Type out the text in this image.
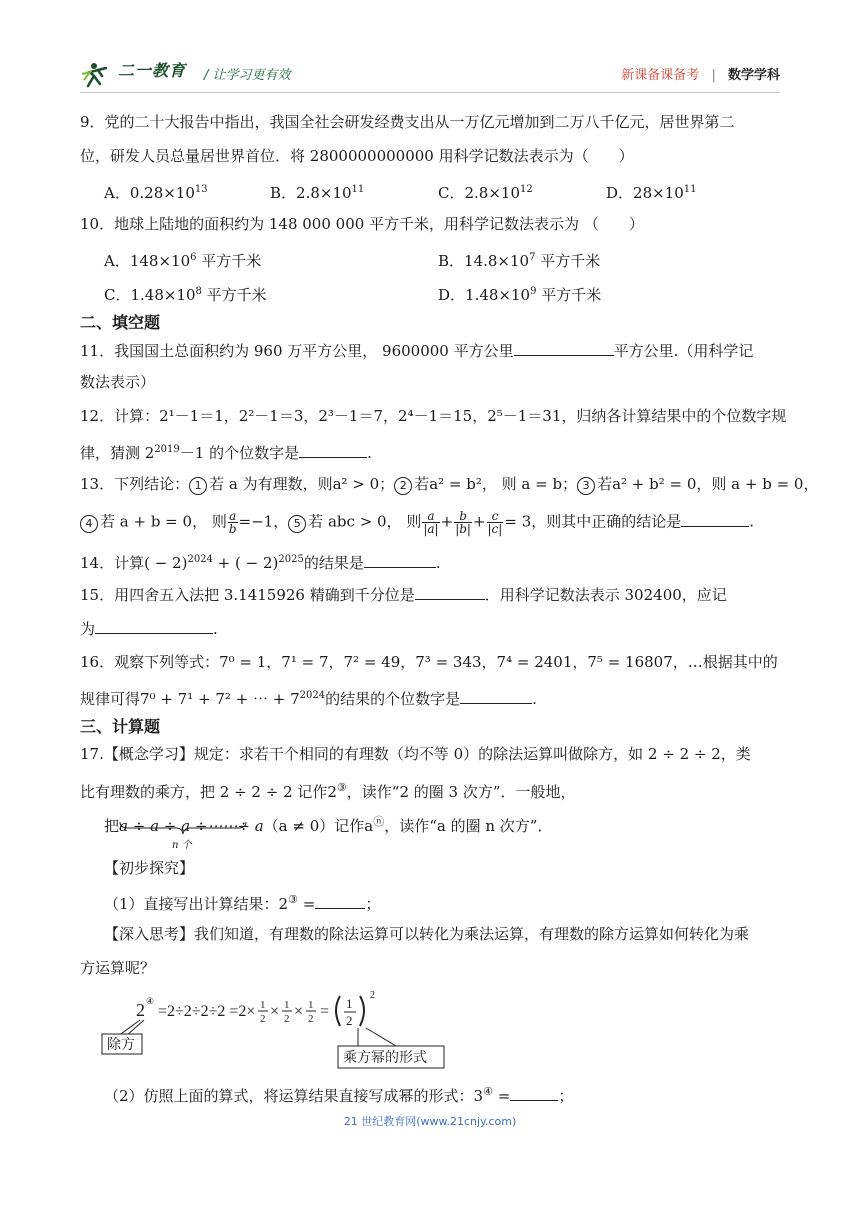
二一教育 / 让学习更有效	新课备课备考 | 数学学科
9．党的二十大报告中指出，我国全社会研发经费支出从一万亿元增加到二万八千亿元，居世界第二
位，研发人员总量居世界首位．将 2800000000000 用科学记数法表示为（　　）
A．$0.28\times 10^{13}$	B．$2.8\times 10^{11}$	C．$2.8\times 10^{12}$	D．$28\times 10^{11}$
10．地球上陆地的面积约为 148 000 000 平方千米，用科学记数法表示为 （　　）
A．$148\times 10^6$ 平方千米	B．$14.8\times 10^7$ 平方千米
C．$1.48\times 10^8$ 平方千米	D．$1.48\times 10^9$ 平方千米
二、填空题
11．我国国土总面积约为 960 万平方公里， 9600000 平方公里	平方公里.（用科学记
数法表示）
12．计算：2¹－1＝1，2²－1＝3，2³－1＝7，2⁴－1＝15，2⁵－1＝31，归纳各计算结果中的个位数字规
律，猜测 $2^{2019}-1$ 的个位数字是	.
13．下列结论： 1 若 a 为有理数，则a² > 0； 2 若a² = b²， 则 a = b； 3 若a² + b² = 0，则 a + b = 0，
4 若 a + b = 0， 则 $\frac{a}{b} =-1$， 5 若 abc > 0， 则 $\frac{a}{|a|} + \frac{b}{|b|} + \frac{c}{|c|} = 3$，则其中正确的结论是	.
14．计算( − 2)$^{2024}$ + ( − 2)$^{2025}$的结果是	.
15．用四舍五入法把 3.1415926 精确到千分位是	．用科学记数法表示 302400，应记
为	.
16．观察下列等式：7⁰ = 1，7¹ = 7，7² = 49，7³ = 343，7⁴ = 2401，7⁵ = 16807，…根据其中的
规律可得7⁰ + 7¹ + 7² + ⋯ + $7^{2024}$的结果的个位数字是	.
三、计算题
17.【概念学习】规定：求若干个相同的有理数（均不等 0）的除法运算叫做除方，如 2 ÷ 2 ÷ 2，类
比有理数的乘方，把 2 ÷ 2 ÷ 2 记作2③，读作“2 的圈 3 次方”．一般地，
把a ÷ a ÷ a ÷⋯⋯÷ a（a ≠ 0）记作aⓝ，读作“a 的圈 n 次方”．
n 个
【初步探究】
（1）直接写出计算结果：2③ =	；
【深入思考】我们知道，有理数的除法运算可以转化为乘法运算，有理数的除方运算如何转化为乘
方运算呢？
2 ④
=2÷2÷2÷2 =2× 1
2 × 1
2 × 1
2 = 1
2
2
除方
乘方幂的形式
（2）仿照上面的算式，将运算结果直接写成幂的形式：3④ =	；
21 世纪教育网(www.21cnjy.com)
